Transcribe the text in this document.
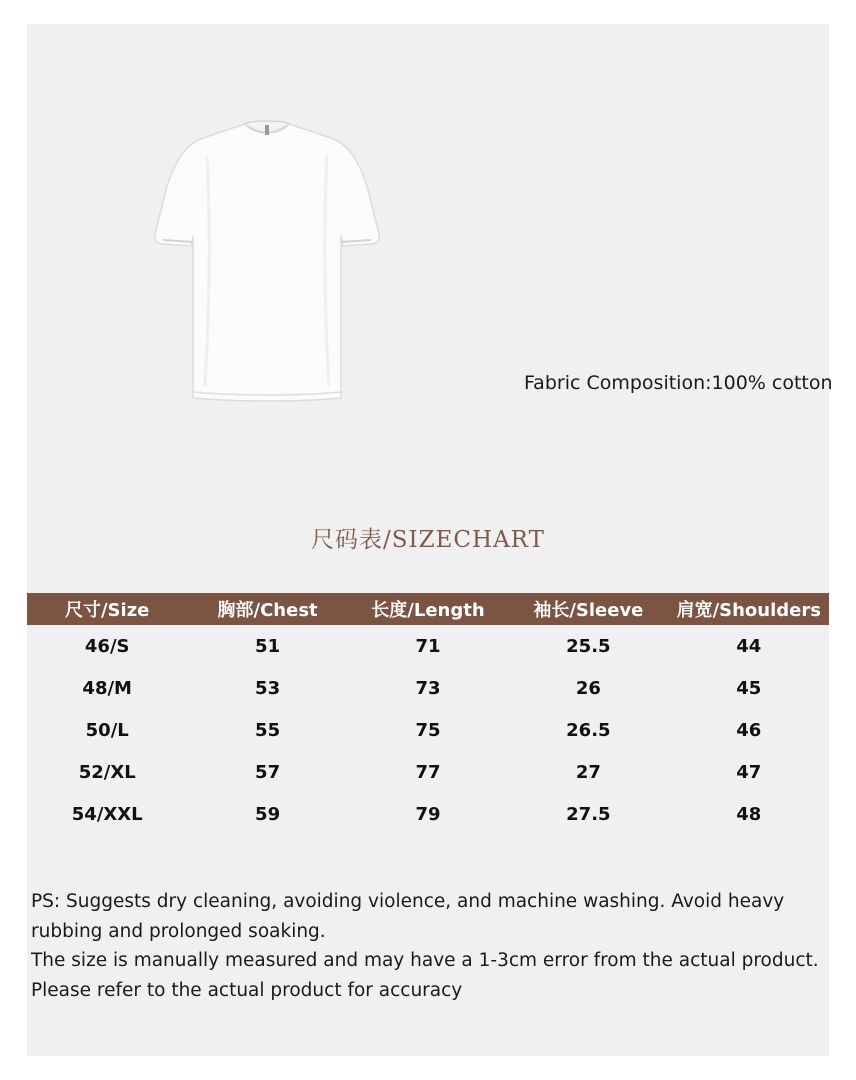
Fabric Composition:100% cotton
尺码表/SIZECHART
尺寸/Size	胸部/Chest	长度/Length	袖长/Sleeve	肩宽/Shoulders
46/S	51	71	25.5	44
48/M	53	73	26	45
50/L	55	75	26.5	46
52/XL	57	77	27	47
54/XXL	59	79	27.5	48

PS: Suggests dry cleaning, avoiding violence, and machine washing. Avoid heavy rubbing and prolonged soaking.

The size is manually measured and may have a 1-3cm error from the actual product.

Please refer to the actual product for accuracy
